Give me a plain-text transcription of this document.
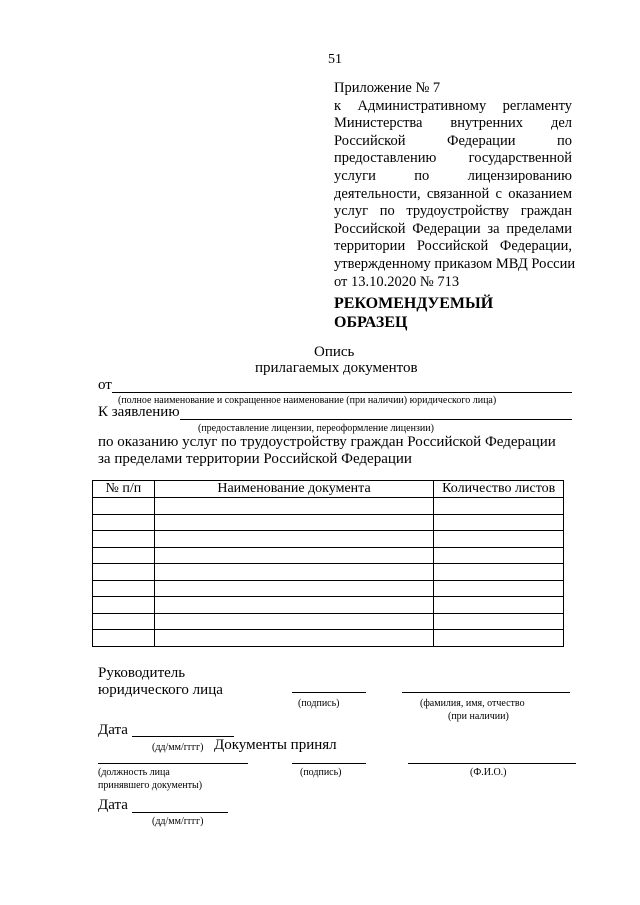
51
Приложение № 7
к Административному регламенту
Министерства внутренних дел
Российской Федерации по
предоставлению государственной
услуги по лицензированию
деятельности, связанной с оказанием
услуг по трудоустройству граждан
Российской Федерации за пределами
территории Российской Федерации,
утвержденному приказом МВД России
от 13.10.2020 № 713
РЕКОМЕНДУЕМЫЙ
ОБРАЗЕЦ
Опись
прилагаемых документов
от
(полное наименование и сокращенное наименование (при наличии) юридического лица)
К заявлению
(предоставление лицензии, переоформление лицензии)
по оказанию услуг по трудоустройству граждан Российской Федерации
за пределами территории Российской Федерации
№ п/п	Наименование документа	Количество листов

Руководитель
юридического лица
(подпись)	(фамилия, имя, отчество
(при наличии)
Дата
(дд/мм/гггг) Документы принял
(должность лица
принявшего документы)
(подпись)	(Ф.И.О.)
Дата
(дд/мм/гггг)
